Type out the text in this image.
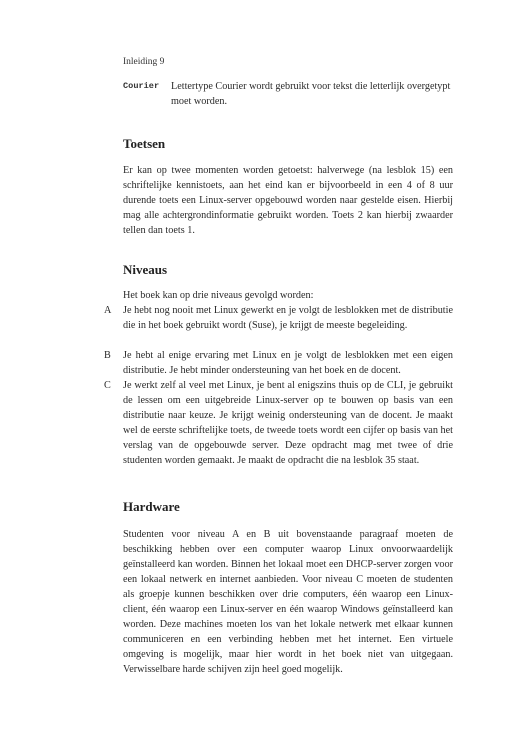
Inleiding 9
Courier Lettertype Courier wordt gebruikt voor tekst die letterlijk overgetypt moet worden.
Toetsen

Er kan op twee momenten worden getoetst: halverwege (na lesblok 15) een schriftelijke kennistoets, aan het eind kan er bijvoorbeeld in een 4 of 8 uur durende toets een Linux-server opgebouwd worden naar gestelde eisen. Hierbij mag alle achtergrondinformatie gebruikt worden. Toets 2 kan hierbij zwaarder tellen dan toets 1.

Niveaus

Het boek kan op drie niveaus gevolgd worden:

A Je hebt nog nooit met Linux gewerkt en je volgt de lesblokken met de distributie die in het boek gebruikt wordt (Suse), je krijgt de meeste begeleiding.
B Je hebt al enige ervaring met Linux en je volgt de lesblokken met een eigen distributie. Je hebt minder ondersteuning van het boek en de docent.
C Je werkt zelf al veel met Linux, je bent al enigszins thuis op de CLI, je gebruikt de lessen om een uitgebreide Linux-server op te bouwen op basis van een distributie naar keuze. Je krijgt weinig ondersteuning van de docent. Je maakt wel de eerste schriftelijke toets, de tweede toets wordt een cijfer op basis van het verslag van de opgebouwde server. Deze opdracht mag met twee of drie studenten worden gemaakt. Je maakt de opdracht die na lesblok 35 staat.
Hardware

Studenten voor niveau A en B uit bovenstaande paragraaf moeten de beschikking hebben over een computer waarop Linux onvoorwaardelijk geïnstalleerd kan worden. Binnen het lokaal moet een DHCP-server zorgen voor een lokaal netwerk en internet aanbieden. Voor niveau C moeten de studenten als groepje kunnen beschikken over drie computers, één waarop een Linux-client, één waarop een Linux-server en één waarop Windows geïnstalleerd kan worden. Deze machines moeten los van het lokale netwerk met elkaar kunnen communiceren en een verbinding hebben met het internet. Een virtuele omgeving is mogelijk, maar hier wordt in het boek niet van uitgegaan. Verwisselbare harde schijven zijn heel goed mogelijk.
